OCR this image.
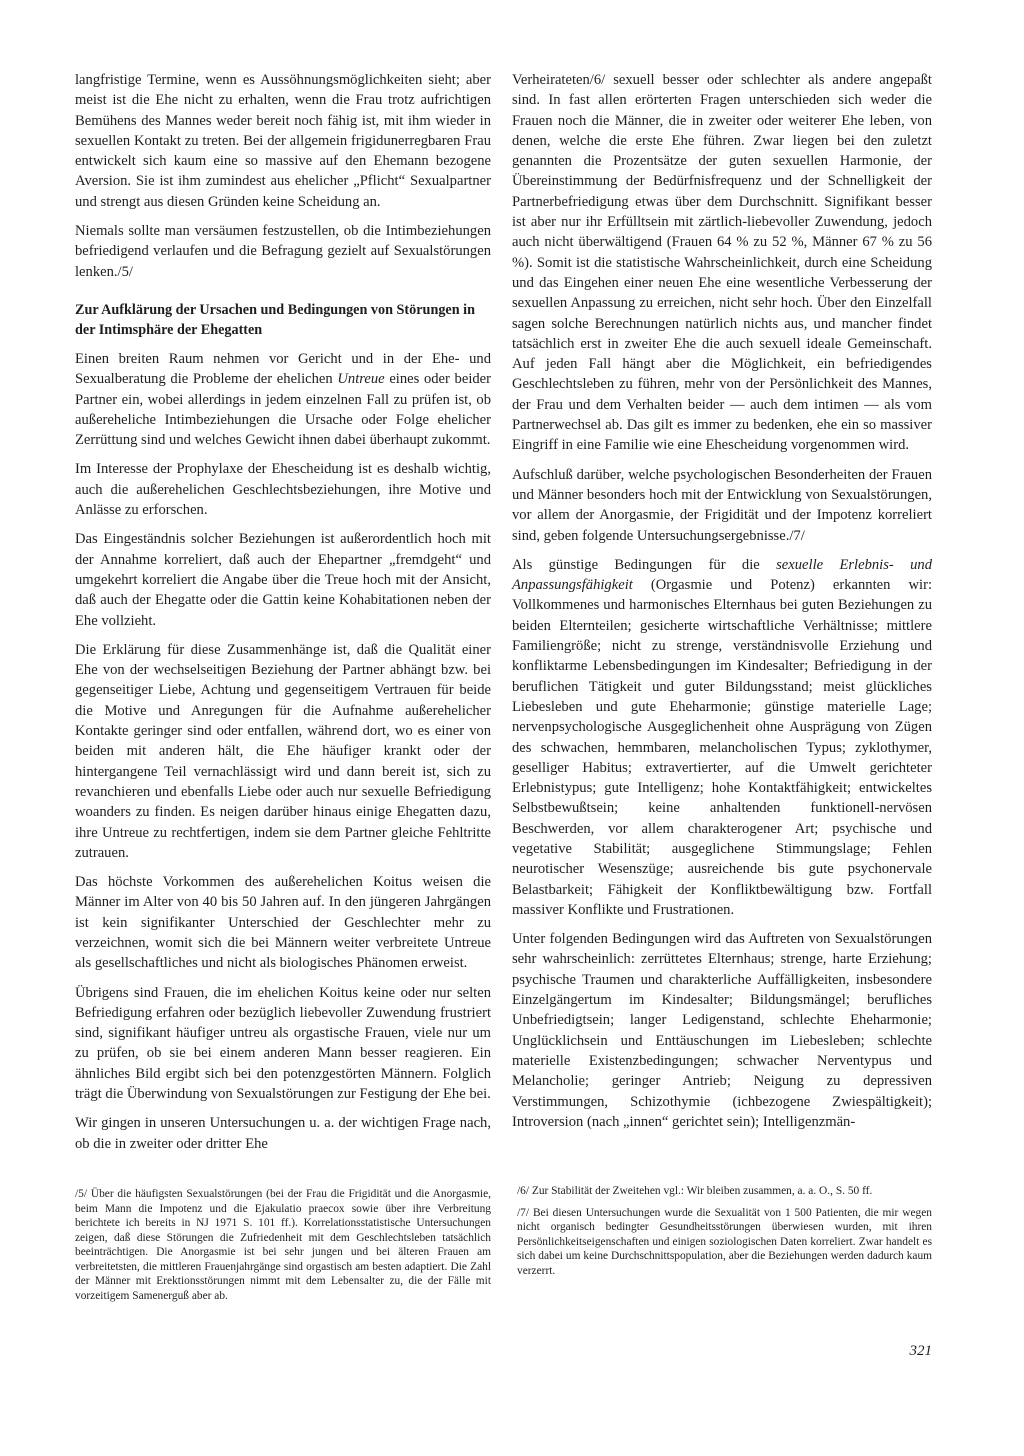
langfristige Termine, wenn es Aussöhnungsmöglichkeiten sieht; aber meist ist die Ehe nicht zu erhalten, wenn die Frau trotz aufrichtigen Bemühens des Mannes weder bereit noch fähig ist, mit ihm wieder in sexuellen Kontakt zu treten. Bei der allgemein frigidunerregbaren Frau entwickelt sich kaum eine so massive auf den Ehemann bezogene Aversion. Sie ist ihm zumindest aus ehelicher „Pflicht“ Sexualpartner und strengt aus diesen Gründen keine Scheidung an.

Niemals sollte man versäumen festzustellen, ob die Intimbeziehungen befriedigend verlaufen und die Befragung gezielt auf Sexualstörungen lenken./5/

Zur Aufklärung der Ursachen und Bedingungen von Störungen in der Intimsphäre der Ehegatten

Einen breiten Raum nehmen vor Gericht und in der Ehe- und Sexualberatung die Probleme der ehelichen Untreue eines oder beider Partner ein, wobei allerdings in jedem einzelnen Fall zu prüfen ist, ob außereheliche Intimbeziehungen die Ursache oder Folge ehelicher Zerrüttung sind und welches Gewicht ihnen dabei überhaupt zukommt.

Im Interesse der Prophylaxe der Ehescheidung ist es deshalb wichtig, auch die außerehelichen Geschlechtsbeziehungen, ihre Motive und Anlässe zu erforschen.

Das Eingeständnis solcher Beziehungen ist außerordentlich hoch mit der Annahme korreliert, daß auch der Ehepartner „fremdgeht“ und umgekehrt korreliert die Angabe über die Treue hoch mit der Ansicht, daß auch der Ehegatte oder die Gattin keine Kohabitationen neben der Ehe vollzieht.

Die Erklärung für diese Zusammenhänge ist, daß die Qualität einer Ehe von der wechselseitigen Beziehung der Partner abhängt bzw. bei gegenseitiger Liebe, Achtung und gegenseitigem Vertrauen für beide die Motive und Anregungen für die Aufnahme außerehelicher Kontakte geringer sind oder entfallen, während dort, wo es einer von beiden mit anderen hält, die Ehe häufiger krankt oder der hintergangene Teil vernachlässigt wird und dann bereit ist, sich zu revanchieren und ebenfalls Liebe oder auch nur sexuelle Befriedigung woanders zu finden. Es neigen darüber hinaus einige Ehegatten dazu, ihre Untreue zu rechtfertigen, indem sie dem Partner gleiche Fehltritte zutrauen.

Das höchste Vorkommen des außerehelichen Koitus weisen die Männer im Alter von 40 bis 50 Jahren auf. In den jüngeren Jahrgängen ist kein signifikanter Unterschied der Geschlechter mehr zu verzeichnen, womit sich die bei Männern weiter verbreitete Untreue als gesellschaftliches und nicht als biologisches Phänomen erweist.

Übrigens sind Frauen, die im ehelichen Koitus keine oder nur selten Befriedigung erfahren oder bezüglich liebevoller Zuwendung frustriert sind, signifikant häufiger untreu als orgastische Frauen, viele nur um zu prüfen, ob sie bei einem anderen Mann besser reagieren. Ein ähnliches Bild ergibt sich bei den potenzgestörten Männern. Folglich trägt die Überwindung von Sexualstörungen zur Festigung der Ehe bei.

Wir gingen in unseren Untersuchungen u. a. der wichtigen Frage nach, ob die in zweiter oder dritter Ehe

Verheirateten/6/ sexuell besser oder schlechter als andere angepaßt sind. In fast allen erörterten Fragen unterschieden sich weder die Frauen noch die Männer, die in zweiter oder weiterer Ehe leben, von denen, welche die erste Ehe führen. Zwar liegen bei den zuletzt genannten die Prozentsätze der guten sexuellen Harmonie, der Übereinstimmung der Bedürfnisfrequenz und der Schnelligkeit der Partnerbefriedigung etwas über dem Durchschnitt. Signifikant besser ist aber nur ihr Erfülltsein mit zärtlich-liebevoller Zuwendung, jedoch auch nicht überwältigend (Frauen 64 % zu 52 %, Männer 67 % zu 56 %). Somit ist die statistische Wahrscheinlichkeit, durch eine Scheidung und das Eingehen einer neuen Ehe eine wesentliche Verbesserung der sexuellen Anpassung zu erreichen, nicht sehr hoch. Über den Einzelfall sagen solche Berechnungen natürlich nichts aus, und mancher findet tatsächlich erst in zweiter Ehe die auch sexuell ideale Gemeinschaft. Auf jeden Fall hängt aber die Möglichkeit, ein befriedigendes Geschlechtsleben zu führen, mehr von der Persönlichkeit des Mannes, der Frau und dem Verhalten beider — auch dem intimen — als vom Partnerwechsel ab. Das gilt es immer zu bedenken, ehe ein so massiver Eingriff in eine Familie wie eine Ehescheidung vorgenommen wird.

Aufschluß darüber, welche psychologischen Besonderheiten der Frauen und Männer besonders hoch mit der Entwicklung von Sexualstörungen, vor allem der Anorgasmie, der Frigidität und der Impotenz korreliert sind, geben folgende Untersuchungsergebnisse./7/

Als günstige Bedingungen für die sexuelle Erlebnis- und Anpassungsfähigkeit (Orgasmie und Potenz) erkannten wir: Vollkommenes und harmonisches Elternhaus bei guten Beziehungen zu beiden Elternteilen; gesicherte wirtschaftliche Verhältnisse; mittlere Familiengröße; nicht zu strenge, verständnisvolle Erziehung und konfliktarme Lebensbedingungen im Kindesalter; Befriedigung in der beruflichen Tätigkeit und guter Bildungsstand; meist glückliches Liebesleben und gute Eheharmonie; günstige materielle Lage; nervenpsychologische Ausgeglichenheit ohne Ausprägung von Zügen des schwachen, hemmbaren, melancholischen Typus; zyklothymer, geselliger Habitus; extravertierter, auf die Umwelt gerichteter Erlebnistypus; gute Intelligenz; hohe Kontaktfähigkeit; entwickeltes Selbstbewußtsein; keine anhaltenden funktionell-nervösen Beschwerden, vor allem charakterogener Art; psychische und vegetative Stabilität; ausgeglichene Stimmungslage; Fehlen neurotischer Wesenszüge; ausreichende bis gute psychonervale Belastbarkeit; Fähigkeit der Konfliktbewältigung bzw. Fortfall massiver Konflikte und Frustrationen.

Unter folgenden Bedingungen wird das Auftreten von Sexualstörungen sehr wahrscheinlich: zerrüttetes Elternhaus; strenge, harte Erziehung; psychische Traumen und charakterliche Auffälligkeiten, insbesondere Einzelgängertum im Kindesalter; Bildungsmängel; berufliches Unbefriedigtsein; langer Ledigenstand, schlechte Eheharmonie; Unglücklichsein und Enttäuschungen im Liebesleben; schlechte materielle Existenzbedingungen; schwacher Nerventypus und Melancholie; geringer Antrieb; Neigung zu depressiven Verstimmungen, Schizothymie (ichbezogene Zwiespältigkeit); Introversion (nach „innen“ gerichtet sein); Intelligenzmän-

/5/ Über die häufigsten Sexualstörungen (bei der Frau die Frigidität und die Anorgasmie, beim Mann die Impotenz und die Ejakulatio praecox sowie über ihre Verbreitung berichtete ich bereits in NJ 1971 S. 101 ff.). Korrelationsstatistische Untersuchungen zeigen, daß diese Störungen die Zufriedenheit mit dem Geschlechtsleben tatsächlich beeinträchtigen. Die Anorgasmie ist bei sehr jungen und bei älteren Frauen am verbreitetsten, die mittleren Frauenjahrgänge sind orgastisch am besten adaptiert. Die Zahl der Männer mit Erektionsstörungen nimmt mit dem Lebensalter zu, die der Fälle mit vorzeitigem Samenerguß aber ab.

/6/ Zur Stabilität der Zweitehen vgl.: Wir bleiben zusammen, a. a. O., S. 50 ff.

/7/ Bei diesen Untersuchungen wurde die Sexualität von 1 500 Patienten, die mir wegen nicht organisch bedingter Gesundheitsstörungen überwiesen wurden, mit ihren Persönlichkeitseigenschaften und einigen soziologischen Daten korreliert. Zwar handelt es sich dabei um keine Durchschnittspopulation, aber die Beziehungen werden dadurch kaum verzerrt.

321
